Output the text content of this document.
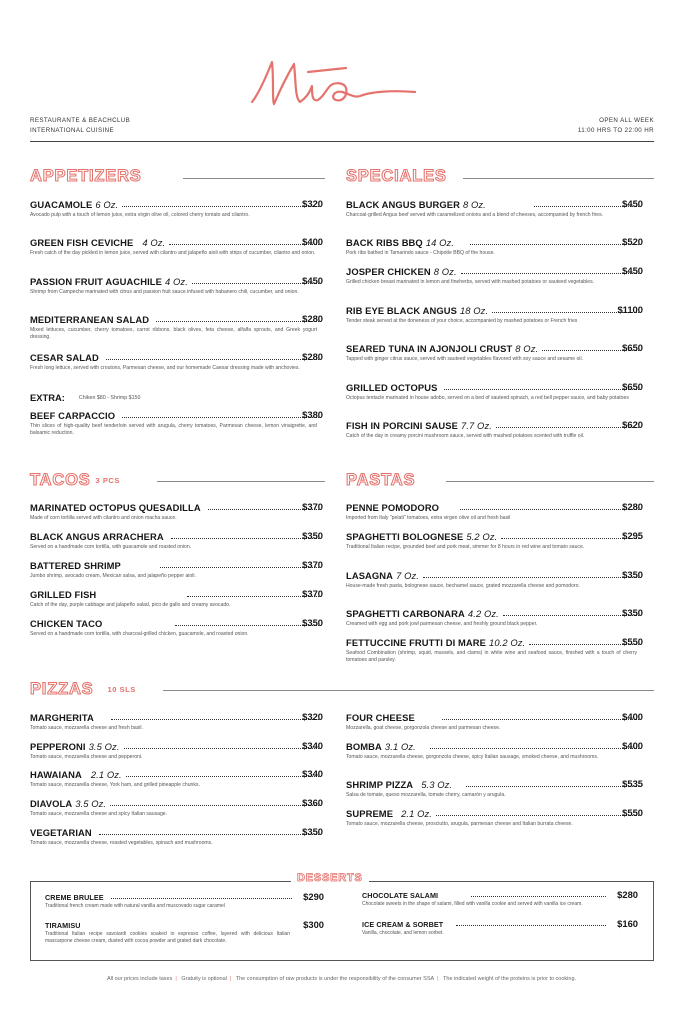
RESTAURANTE & BEACHCLUB
INTERNATIONAL CUISINE
OPEN ALL WEEK
11:00 HRS TO 22:00 HR
APPETIZERS
GUACAMOLE 6 Oz.	$320
Avocado pulp with a touch of lemon juice, extra virgin olive oil, colored cherry tomato and cilantro.
GREEN FISH CEVICHE 4 Oz.	$400
Fresh catch of the day pickled in lemon juice, served with cilantro and jalapeño aioli with strips of cucumber, cilantro and onion.
PASSION FRUIT AGUACHILE 4 Oz.	$450
Shrimp from Campeche marinated with citrus and passion fruit sauce infused with habanero chili, cucumber, and onion.
MEDITERRANEAN SALAD	$280
Mixed lettuces, cucumber, cherry tomatoes, carrot ribbons, black olives, feta cheese, alfalfa sprouts, and Greek yogurt dressing.
CESAR SALAD	$280
Fresh long lettuce, served with croutons, Parmesan cheese, and our homemade Caesar dressing made with anchovies.
EXTRA:	Chiken $80 - Shrimp $150
BEEF CARPACCIO	$380
Thin slices of high-quality beef tenderloin served with arugula, cherry tomatoes, Parmesan cheese, lemon vinaigrette, and balsamic reduction.
SPECIALES
BLACK ANGUS BURGER 8 Oz.	$450
Charcoal-grilled Angus beef served with caramelized onions and a blend of cheeses, accompanied by french fries.
BACK RIBS BBQ 14 Oz.	$520
Pork ribs bathed in Tamarindo sauce - Chipotle BBQ of the house.
JOSPER CHICKEN 8 Oz.	$450
Grilled chicken breast marinated in lemon and fineherbs, served with mashed potatoes or sauteed vegetables.
RIB EYE BLACK ANGUS 18 Oz.	$1100
Tender steak served at the doneness of your choice, accompanied by mashed potatoes or French fries
SEARED TUNA IN AJONJOLI CRUST 8 Oz.	$650
Tapped with ginger citrus sauce, served with sauteed vegetables flavored with soy sauce and sesame oil.
GRILLED OCTOPUS	$650
Octopus tentacle marinated in house adobo, served on a bed of sauteed spinach, a red bell pepper sauce, and baby potatoes
FISH IN PORCINI SAUSE 7.7 Oz.	$620
Catch of the day in creamy porcini mushroom sauce, served with mashed potatoes scented with truffle oil.
TACOS 3 PCS
MARINATED OCTOPUS QUESADILLA	$370
Made of corn tortilla served with cilantro and onion macha sauce.
BLACK ANGUS ARRACHERA	$350
Served on a handmade corn tortilla, with guacamole and roasted onion.
BATTERED SHRIMP	$370
Jumbo shrimp, avocado cream, Mexican salsa, and jalapeño pepper aioli.
GRILLED FISH	$370
Catch of the day, purple cabbage and jalapeño salad, pico de gallo and creamy avocado.
CHICKEN TACO	$350
Served on a handmade corn tortilla, with charcoal-grilled chicken, guacamole, and roasted onion.
PASTAS
PENNE POMODORO	$280
Imported from Italy "pelati" tomatoes, extra virgen olive oil and fresh basil
SPAGHETTI BOLOGNESE 5.2 Oz.	$295
Traditional Italian recipe, grounded beef and pork meat, simmer for 8 hours in red wine and tomato sauce.
LASAGNA 7 Oz.	$350
House-made fresh pasta, bolognese sauce, bechamel sauce, grated mozzarella cheese and pomodoro.
SPAGHETTI CARBONARA 4.2 Oz.	$350
Creamed with egg and pork jowl parmesan cheese, and freshly ground black pepper.
FETTUCCINE FRUTTI DI MARE 10.2 Oz.	$550
Seafood Combination (shrimp, squid, mussels, and clams) in white wine and seafood sauce, finished with a touch of cherry tomatoes and parsley.
PIZZAS 10 SLS
MARGHERITA	$320
Tomato sauce, mozzarella cheese and fresh basil.
PEPPERONI 3.5 Oz.	$340
Tomato sauce, mozzarella cheese and pepperoni.
HAWAIANA 2.1 Oz.	$340
Tomato sauce, mozzarella cheese, York ham, and grilled pineapple chunks.
DIAVOLA 3.5 Oz.	$360
Tomato sauce, mozzarella cheese and spicy Italian sausage.
VEGETARIAN	$350
Tomato sauce, mozzarella cheese, roasted vegetables, spinach and mushrooms.
FOUR CHEESE	$400
Mozzarella, goat cheese, gorgonzola cheese and parmesan cheese.
BOMBA 3.1 Oz.	$400
Tomato sauce, mozzarella cheese, gorgonzola cheese, spicy Italian sausage, smoked cheese, and mushrooms.
SHRIMP PIZZA 5.3 Oz.	$535
Salsa de tomate, queso mozzarella, tomate cherry, camarón y arugula.
SUPREME 2.1 Oz.	$550
Tomato sauce, mozzarella cheese, prosciutto, arugula, parmesan cheese and Italian burrata cheese.
DESSERTS
CREME BRULEE	$290
Traditional french cream made with natural vanilla and muscovado sugar caramel
TIRAMISU	$300
Traditional Italian recipe savoiardi cookies soaked in espresso coffee, layered with delicious Italian mascarpone cheese cream, dusted with cocoa powder and grated dark chocolate.
CHOCOLATE SALAMI	$280
Chocolate sweets in the shape of salami, filled with vanilla cookie and served with vanilla ice cream.
ICE CREAM & SORBET	$160
Vanilla, chocolate, and lemon sorbet.
All our prices include taxes | Gratuity is optional | The consumption of raw products is under the responsibility of the consumer SSA | The indicated weight of the proteins is prior to cooking.
